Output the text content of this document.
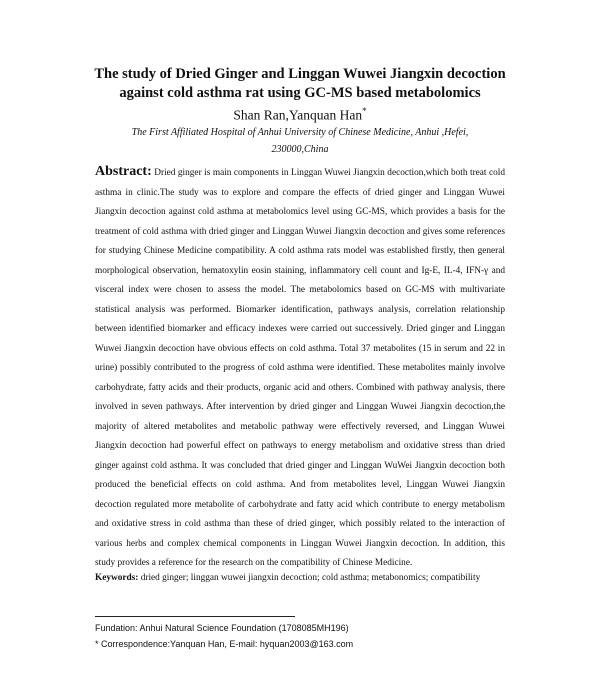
The study of Dried Ginger and Linggan Wuwei Jiangxin decoction
against cold asthma rat using GC-MS based metabolomics
Shan Ran,Yanquan Han*
The First Affiliated Hospital of Anhui University of Chinese Medicine, Anhui ,Hefei,
230000,China

Abstract: Dried ginger is main components in Linggan Wuwei Jiangxin decoction,which both treat cold asthma in clinic.The study was to explore and compare the effects of dried ginger and Linggan Wuwei Jiangxin decoction against cold asthma at metabolomics level using GC-MS, which provides a basis for the treatment of cold asthma with dried ginger and Linggan Wuwei Jiangxin decoction and gives some references for studying Chinese Medicine compatibility. A cold asthma rats model was established firstly, then general morphological observation, hematoxylin eosin staining, inflammatory cell count and Ig-E, IL-4, IFN-γ and visceral index were chosen to assess the model. The metabolomics based on GC-MS with multivariate statistical analysis was performed. Biomarker identification, pathways analysis, correlation relationship between identified biomarker and efficacy indexes were carried out successively. Dried ginger and Linggan Wuwei Jiangxin decoction have obvious effects on cold asthma. Total 37 metabolites (15 in serum and 22 in urine) possibly contributed to the progress of cold asthma were identified. These metabolites mainly involve carbohydrate, fatty acids and their products, organic acid and others. Combined with pathway analysis, there involved in seven pathways. After intervention by dried ginger and Linggan Wuwei Jiangxin decoction,the majority of altered metabolites and metabolic pathway were effectively reversed, and Linggan Wuwei Jiangxin decoction had powerful effect on pathways to energy metabolism and oxidative stress than dried ginger against cold asthma. It was concluded that dried ginger and Linggan WuWei Jiangxin decoction both produced the beneficial effects on cold asthma. And from metabolites level, Linggan Wuwei Jiangxin decoction regulated more metabolite of carbohydrate and fatty acid which contribute to energy metabolism and oxidative stress in cold asthma than these of dried ginger, which possibly related to the interaction of various herbs and complex chemical components in Linggan Wuwei Jiangxin decoction. In addition, this study provides a reference for the research on the compatibility of Chinese Medicine.

Keywords: dried ginger; linggan wuwei jiangxin decoction; cold asthma; metabonomics; compatibility

Fundation: Anhui Natural Science Foundation (1708085MH196)
* Correspondence:Yanquan Han, E-mail: hyquan2003@163.com
